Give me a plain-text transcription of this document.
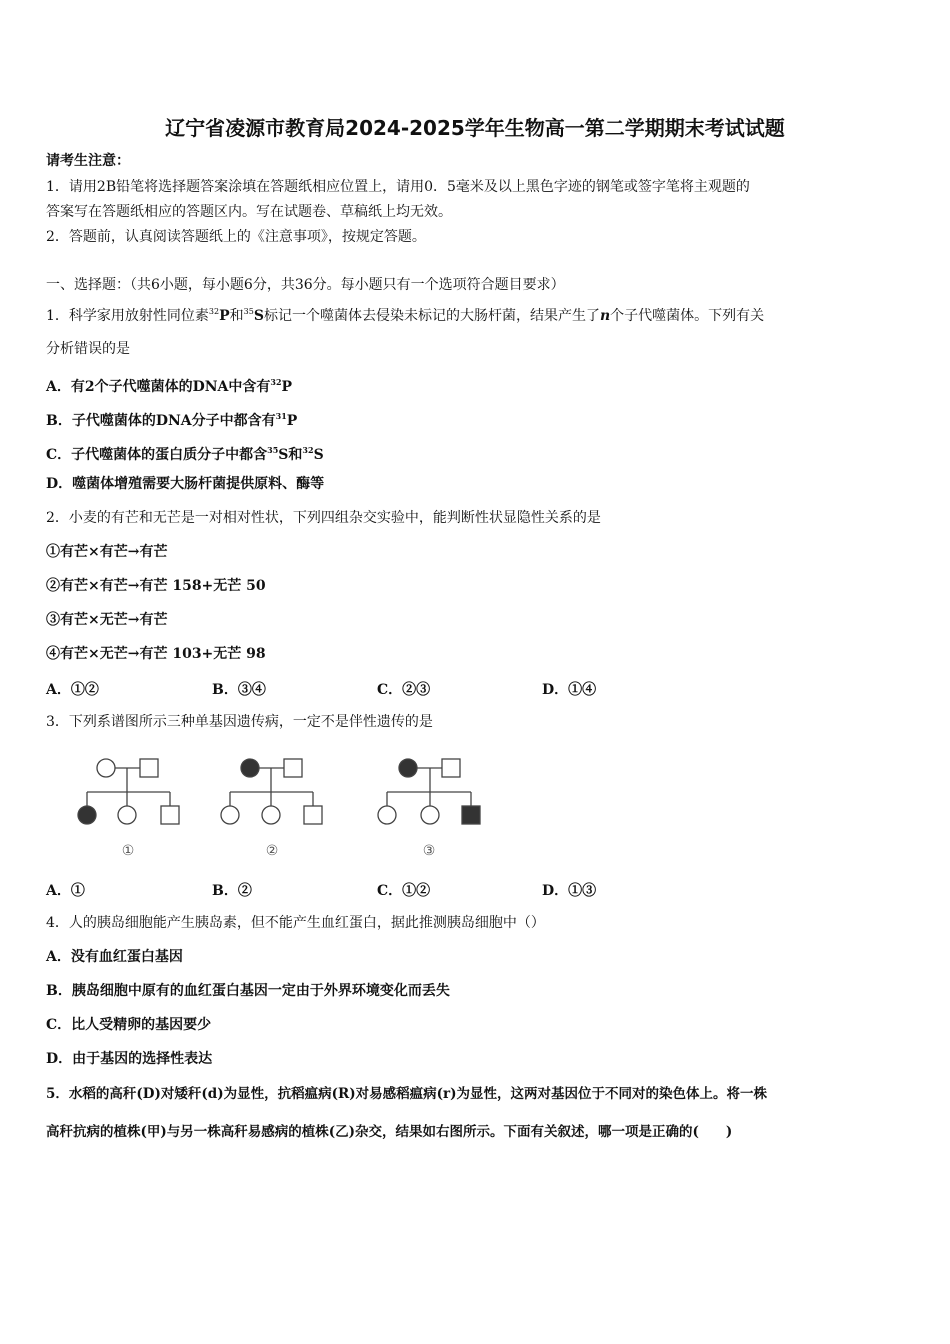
辽宁省凌源市教育局2024-2025学年生物高一第二学期期末考试试题
请考生注意：
1．请用2B铅笔将选择题答案涂填在答题纸相应位置上，请用0．5毫米及以上黑色字迹的钢笔或签字笔将主观题的
答案写在答题纸相应的答题区内。写在试题卷、草稿纸上均无效。
2．答题前，认真阅读答题纸上的《注意事项》，按规定答题。
一、选择题：（共6小题，每小题6分，共36分。每小题只有一个选项符合题目要求）
1．科学家用放射性同位素$^{32}$P和$^{35}$S标记一个噬菌体去侵染未标记的大肠杆菌，结果产生了n个子代噬菌体。下列有关
分析错误的是
A．有2个子代噬菌体的DNA中含有$^{32}$P
B．子代噬菌体的DNA分子中都含有$^{31}$P
C．子代噬菌体的蛋白质分子中都含$^{35}$S和$^{32}$S
D．噬菌体增殖需要大肠杆菌提供原料、酶等
2．小麦的有芒和无芒是一对相对性状，下列四组杂交实验中，能判断性状显隐性关系的是
①有芒×有芒→有芒
②有芒×有芒→有芒 158+无芒 50
③有芒×无芒→有芒
④有芒×无芒→有芒 103+无芒 98
A．①②	B．③④	C．②③	D．①④
3．下列系谱图所示三种单基因遗传病，一定不是伴性遗传的是
①	②	③
A．①	B．②	C．①②	D．①③
4．人的胰岛细胞能产生胰岛素，但不能产生血红蛋白，据此推测胰岛细胞中（）
A．没有血红蛋白基因
B．胰岛细胞中原有的血红蛋白基因一定由于外界环境变化而丢失
C．比人受精卵的基因要少
D．由于基因的选择性表达
5．水稻的高秆(D)对矮秆(d)为显性，抗稻瘟病(R)对易感稻瘟病(r)为显性，这两对基因位于不同对的染色体上。将一株
高秆抗病的植株(甲)与另一株高秆易感病的植株(乙)杂交，结果如右图所示。下面有关叙述，哪一项是正确的(　　)
